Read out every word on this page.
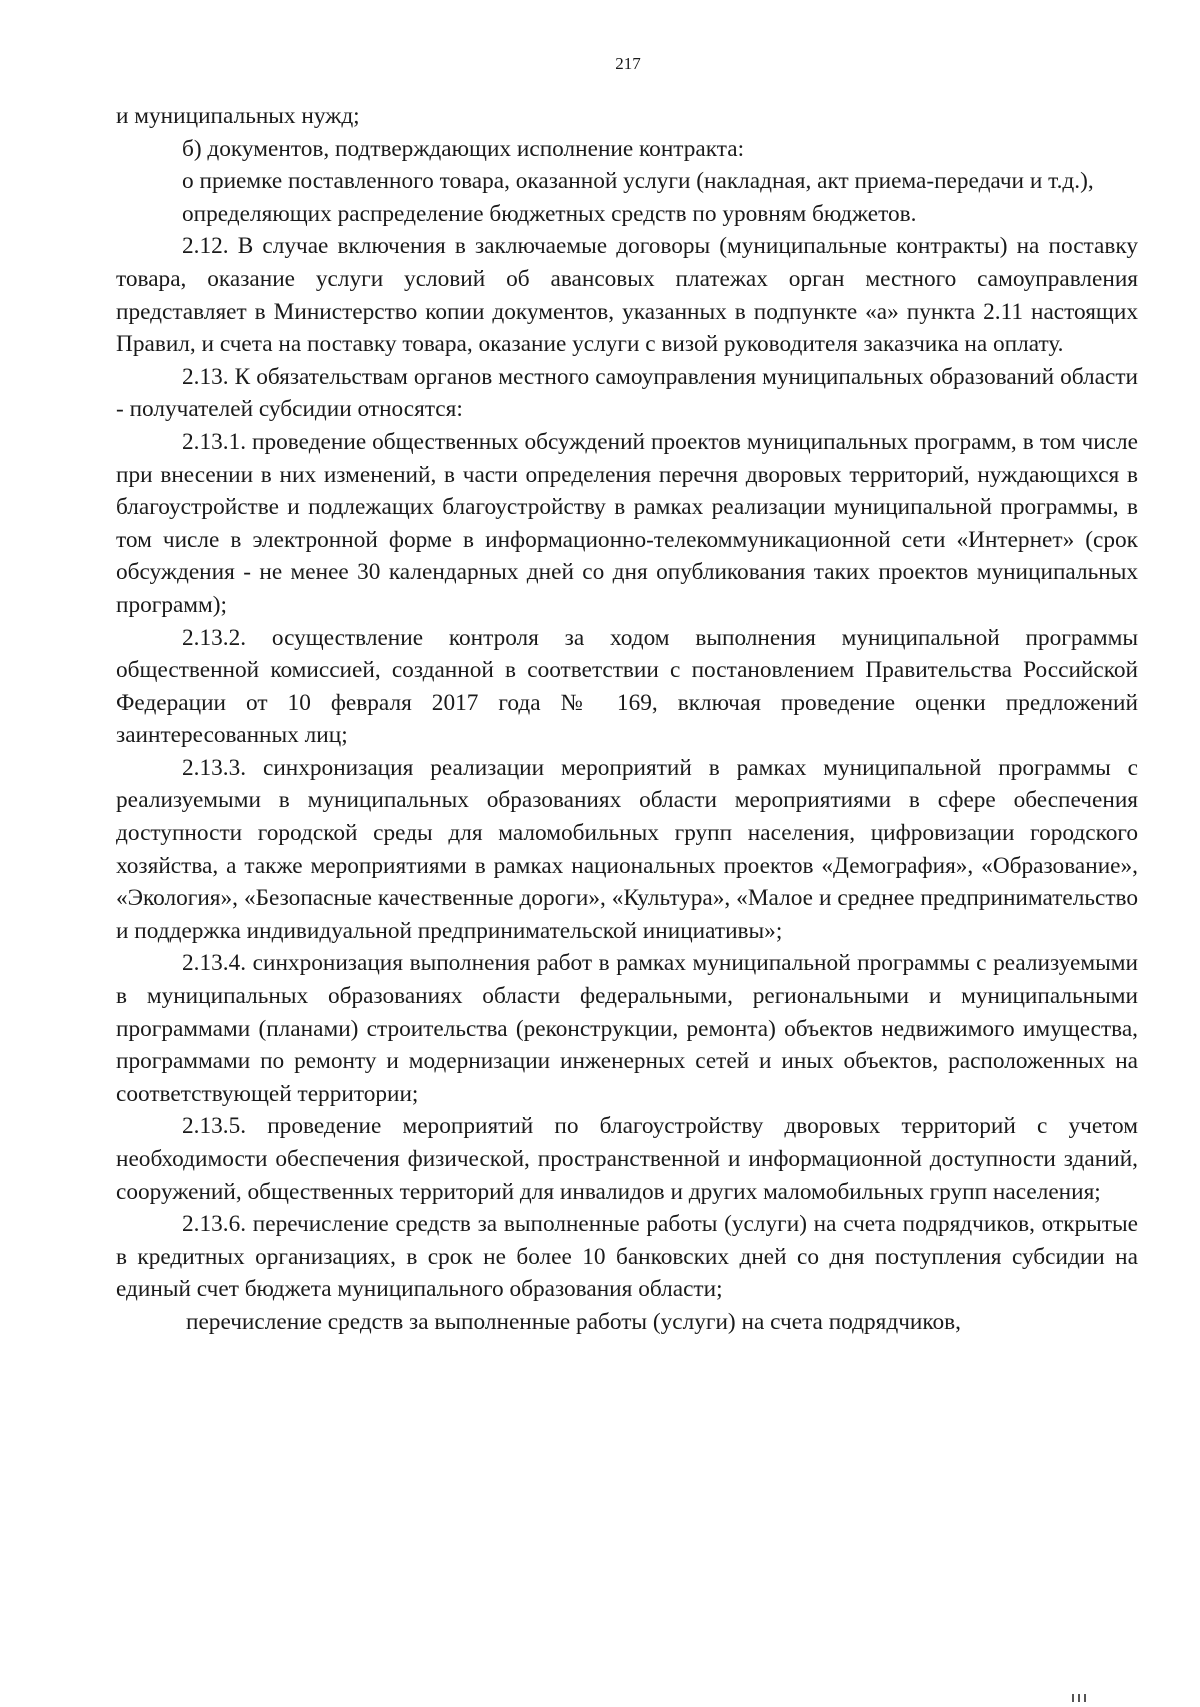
217

и муниципальных нужд;

б) документов, подтверждающих исполнение контракта:

о приемке поставленного товара, оказанной услуги (накладная, акт приема-передачи и т.д.),

определяющих распределение бюджетных средств по уровням бюджетов.

2.12. В случае включения в заключаемые договоры (муниципальные контракты) на поставку товара, оказание услуги условий об авансовых платежах орган местного самоуправления представляет в Министерство копии документов, указанных в подпункте «а» пункта 2.11 настоящих Правил, и счета на поставку товара, оказание услуги с визой руководителя заказчика на оплату.

2.13. К обязательствам органов местного самоуправления муниципальных образований области - получателей субсидии относятся:

2.13.1. проведение общественных обсуждений проектов муниципальных программ, в том числе при внесении в них изменений, в части определения перечня дворовых территорий, нуждающихся в благоустройстве и подлежащих благоустройству в рамках реализации муниципальной программы, в том числе в электронной форме в информационно-телекоммуникационной сети «Интернет» (срок обсуждения - не менее 30 календарных дней со дня опубликования таких проектов муниципальных программ);

2.13.2. осуществление контроля за ходом выполнения муниципальной программы общественной комиссией, созданной в соответствии с постановлением Правительства Российской Федерации от 10 февраля 2017 года № 169, включая проведение оценки предложений заинтересованных лиц;

2.13.3. синхронизация реализации мероприятий в рамках муниципальной программы с реализуемыми в муниципальных образованиях области мероприятиями в сфере обеспечения доступности городской среды для маломобильных групп населения, цифровизации городского хозяйства, а также мероприятиями в рамках национальных проектов «Демография», «Образование», «Экология», «Безопасные качественные дороги», «Культура», «Малое и среднее предпринимательство и поддержка индивидуальной предпринимательской инициативы»;

2.13.4. синхронизация выполнения работ в рамках муниципальной программы с реализуемыми в муниципальных образованиях области федеральными, региональными и муниципальными программами (планами) строительства (реконструкции, ремонта) объектов недвижимого имущества, программами по ремонту и модернизации инженерных сетей и иных объектов, расположенных на соответствующей территории;

2.13.5. проведение мероприятий по благоустройству дворовых территорий с учетом необходимости обеспечения физической, пространственной и информационной доступности зданий, сооружений, общественных территорий для инвалидов и других маломобильных групп населения;

2.13.6. перечисление средств за выполненные работы (услуги) на счета подрядчиков, открытые в кредитных организациях, в срок не более 10 банковских дней со дня поступления субсидии на единый счет бюджета муниципального образования области;

перечисление средств за выполненные работы (услуги) на счета подрядчиков,
